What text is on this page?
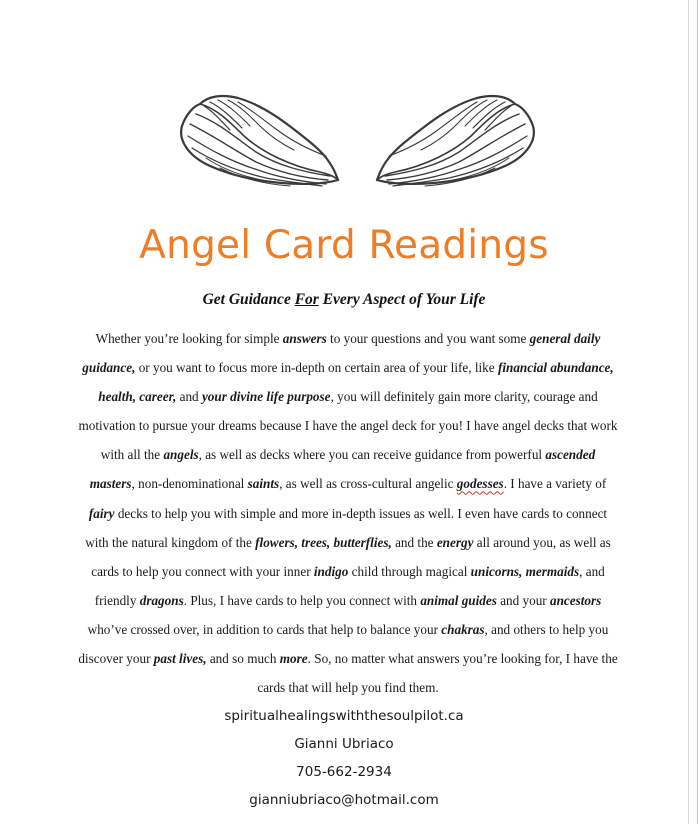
Angel Card Readings
Get Guidance For Every Aspect of Your Life
Whether you’re looking for simple answers to your questions and you want some general daily guidance, or you want to focus more in-depth on certain area of your life, like financial abundance, health, career, and your divine life purpose, you will definitely gain more clarity, courage and motivation to pursue your dreams because I have the angel deck for you! I have angel decks that work with all the angels, as well as decks where you can receive guidance from powerful ascended masters, non-denominational saints, as well as cross-cultural angelic godesses. I have a variety of fairy decks to help you with simple and more in-depth issues as well. I even have cards to connect with the natural kingdom of the flowers, trees, butterflies, and the energy all around you, as well as cards to help you connect with your inner indigo child through magical unicorns, mermaids, and friendly dragons. Plus, I have cards to help you connect with animal guides and your ancestors who’ve crossed over, in addition to cards that help to balance your chakras, and others to help you discover your past lives, and so much more. So, no matter what answers you’re looking for, I have the cards that will help you find them.
spiritualhealingswiththesoulpilot.ca
Gianni Ubriaco
705-662-2934
gianniubriaco@hotmail.com
